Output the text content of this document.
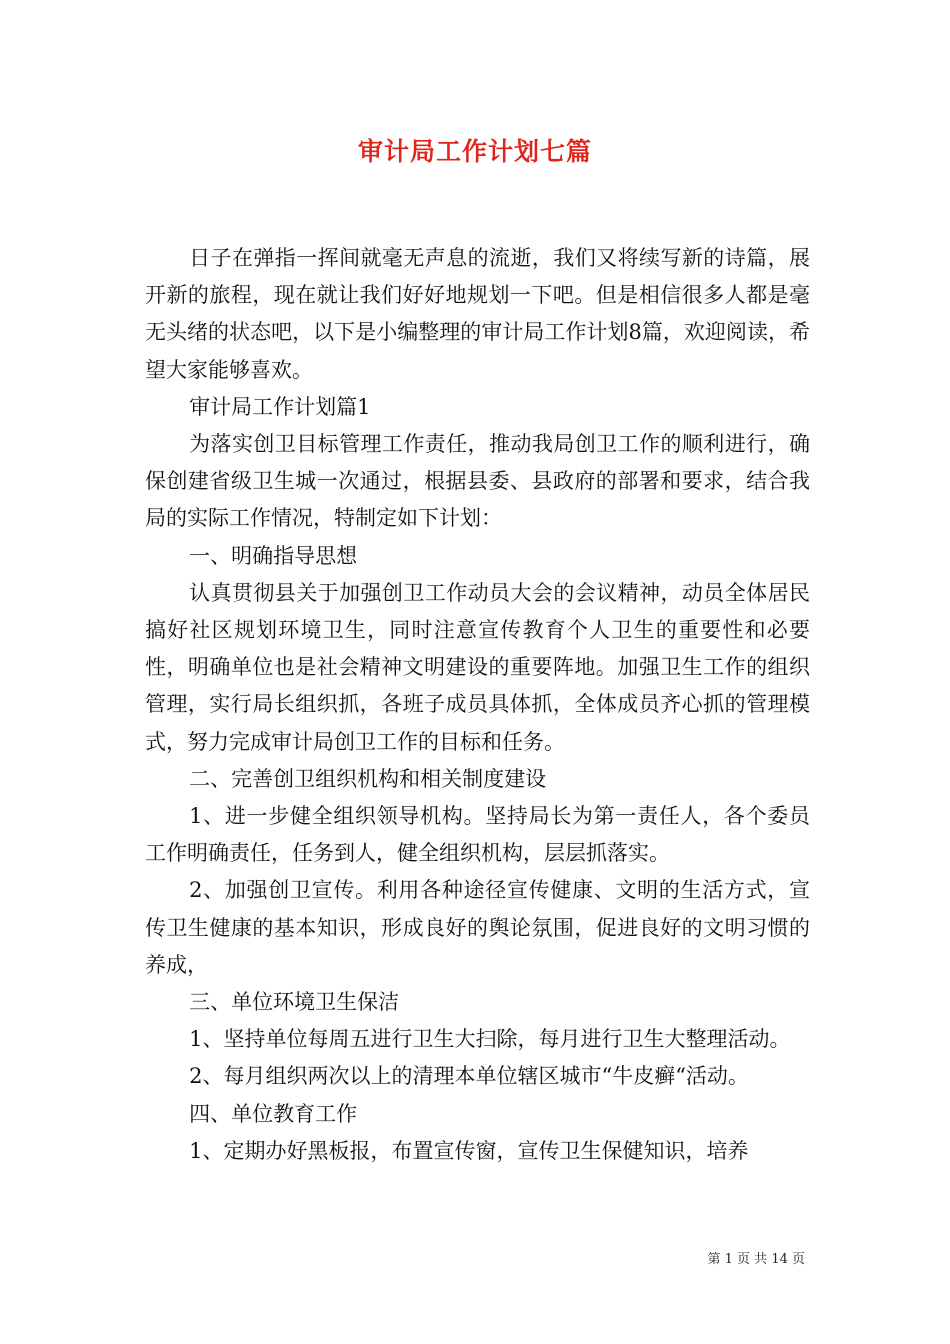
审计局工作计划七篇

日子在弹指一挥间就毫无声息的流逝，我们又将续写新的诗篇，展开新的旅程，现在就让我们好好地规划一下吧。但是相信很多人都是毫无头绪的状态吧，以下是小编整理的审计局工作计划8篇，欢迎阅读，希望大家能够喜欢。

审计局工作计划篇1

为落实创卫目标管理工作责任，推动我局创卫工作的顺利进行，确保创建省级卫生城一次通过，根据县委、县政府的部署和要求，结合我局的实际工作情况，特制定如下计划：

一、明确指导思想

认真贯彻县关于加强创卫工作动员大会的会议精神，动员全体居民搞好社区规划环境卫生，同时注意宣传教育个人卫生的重要性和必要性，明确单位也是社会精神文明建设的重要阵地。加强卫生工作的组织管理，实行局长组织抓，各班子成员具体抓，全体成员齐心抓的管理模式，努力完成审计局创卫工作的目标和任务。

二、完善创卫组织机构和相关制度建设

1、进一步健全组织领导机构。坚持局长为第一责任人，各个委员工作明确责任，任务到人，健全组织机构，层层抓落实。

2、加强创卫宣传。利用各种途径宣传健康、文明的生活方式，宣传卫生健康的基本知识，形成良好的舆论氛围，促进良好的文明习惯的养成，

三、单位环境卫生保洁

1、坚持单位每周五进行卫生大扫除，每月进行卫生大整理活动。

2、每月组织两次以上的清理本单位辖区城市“牛皮癣“活动。

四、单位教育工作

1、定期办好黑板报，布置宣传窗，宣传卫生保健知识，培养

第 1 页 共 14 页
